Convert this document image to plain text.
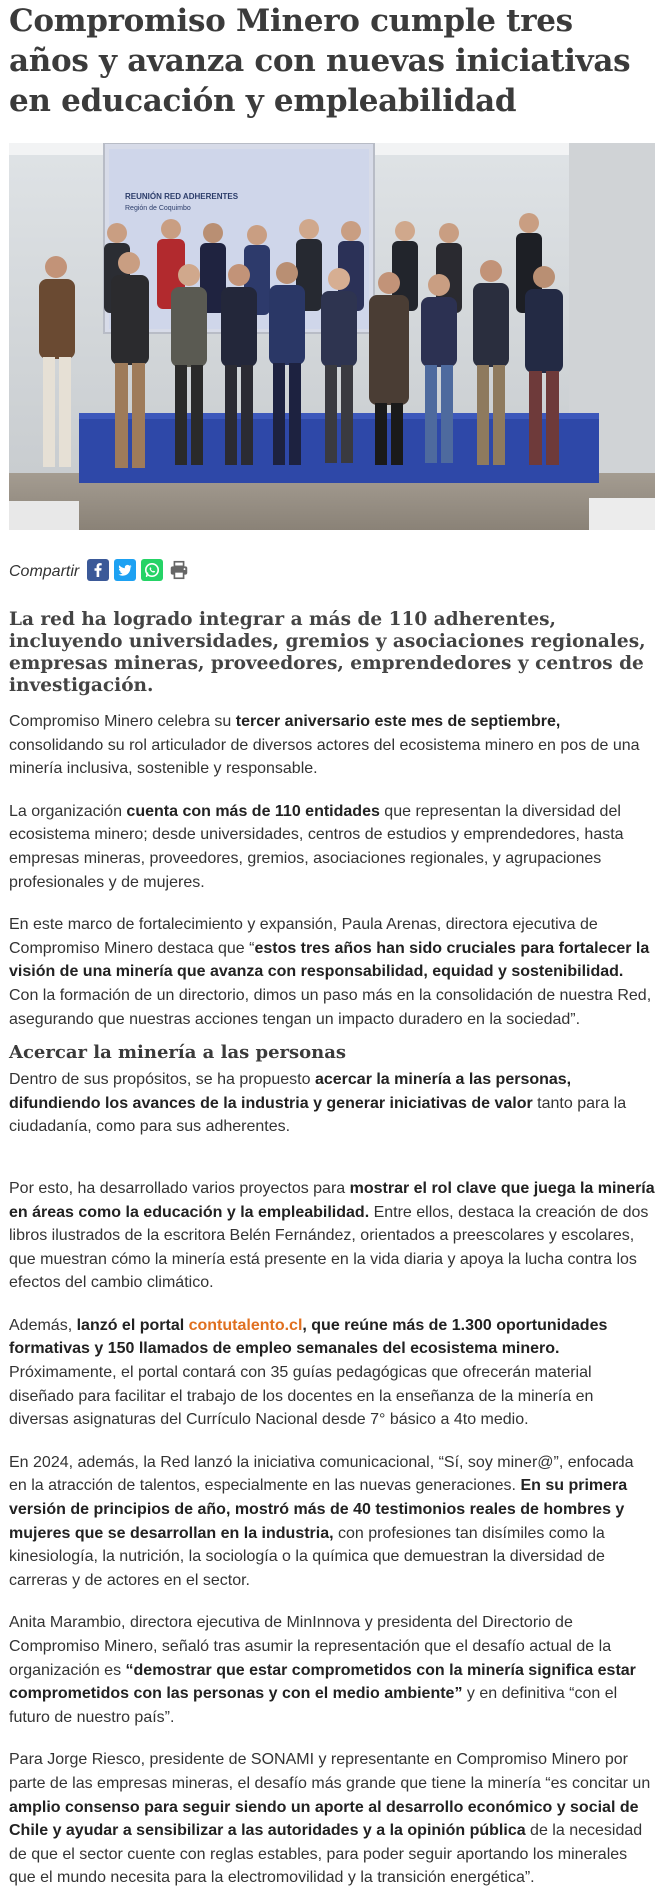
Compromiso Minero cumple tres años y avanza con nuevas iniciativas en educación y empleabilidad
REUNIÓN RED ADHERENTES
Región de Coquimbo
Compartir
La red ha logrado integrar a más de 110 adherentes, incluyendo universidades, gremios y asociaciones regionales, empresas mineras, proveedores, emprendedores y centros de investigación.

Compromiso Minero celebra su tercer aniversario este mes de septiembre, consolidando su rol articulador de diversos actores del ecosistema minero en pos de una minería inclusiva, sostenible y responsable.

La organización cuenta con más de 110 entidades que representan la diversidad del ecosistema minero; desde universidades, centros de estudios y emprendedores, hasta empresas mineras, proveedores, gremios, asociaciones regionales, y agrupaciones profesionales y de mujeres.

En este marco de fortalecimiento y expansión, Paula Arenas, directora ejecutiva de Compromiso Minero destaca que “estos tres años han sido cruciales para fortalecer la visión de una minería que avanza con responsabilidad, equidad y sostenibilidad. Con la formación de un directorio, dimos un paso más en la consolidación de nuestra Red, asegurando que nuestras acciones tengan un impacto duradero en la sociedad”.

Acercar la minería a las personas

Dentro de sus propósitos, se ha propuesto acercar la minería a las personas, difundiendo los avances de la industria y generar iniciativas de valor tanto para la ciudadanía, como para sus adherentes.

Por esto, ha desarrollado varios proyectos para mostrar el rol clave que juega la minería en áreas como la educación y la empleabilidad. Entre ellos, destaca la creación de dos libros ilustrados de la escritora Belén Fernández, orientados a preescolares y escolares, que muestran cómo la minería está presente en la vida diaria y apoya la lucha contra los efectos del cambio climático.

Además, lanzó el portal contutalento.cl, que reúne más de 1.300 oportunidades formativas y 150 llamados de empleo semanales del ecosistema minero. Próximamente, el portal contará con 35 guías pedagógicas que ofrecerán material diseñado para facilitar el trabajo de los docentes en la enseñanza de la minería en diversas asignaturas del Currículo Nacional desde 7° básico a 4to medio.

En 2024, además, la Red lanzó la iniciativa comunicacional, “Sí, soy miner@”, enfocada en la atracción de talentos, especialmente en las nuevas generaciones. En su primera versión de principios de año, mostró más de 40 testimonios reales de hombres y mujeres que se desarrollan en la industria, con profesiones tan disímiles como la kinesiología, la nutrición, la sociología o la química que demuestran la diversidad de carreras y de actores en el sector.

Anita Marambio, directora ejecutiva de MinInnova y presidenta del Directorio de Compromiso Minero, señaló tras asumir la representación que el desafío actual de la organización es “demostrar que estar comprometidos con la minería significa estar comprometidos con las personas y con el medio ambiente” y en definitiva “con el futuro de nuestro país”.

Para Jorge Riesco, presidente de SONAMI y representante en Compromiso Minero por parte de las empresas mineras, el desafío más grande que tiene la minería “es concitar un amplio consenso para seguir siendo un aporte al desarrollo económico y social de Chile y ayudar a sensibilizar a las autoridades y a la opinión pública de la necesidad de que el sector cuente con reglas estables, para poder seguir aportando los minerales que el mundo necesita para la electromovilidad y la transición energética”.
